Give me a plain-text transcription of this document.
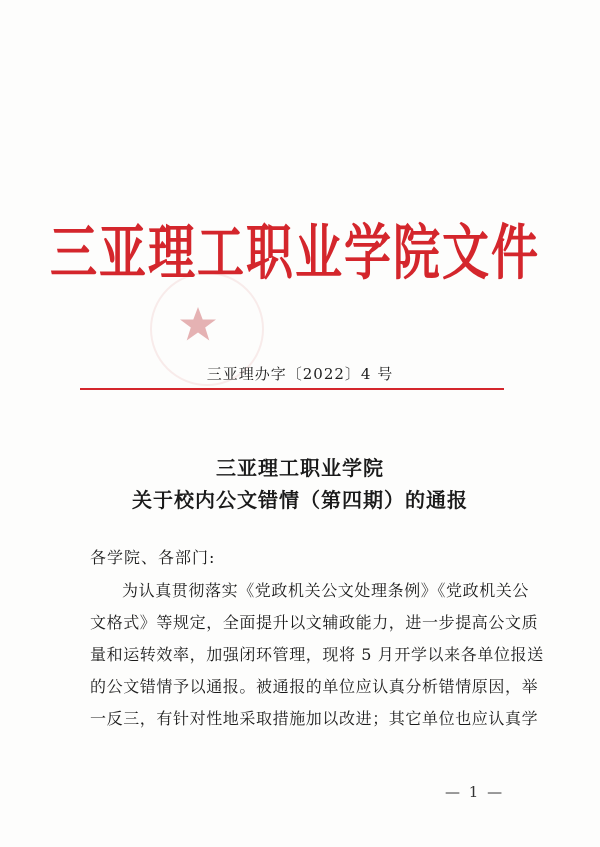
三亚理工职业学院文件
三亚理办字〔2022〕4 号
三亚理工职业学院
关于校内公文错情（第四期）的通报
各学院、各部门:
为认真贯彻落实《党政机关公文处理条例》《党政机关公
文格式》等规定，全面提升以文辅政能力，进一步提高公文质
量和运转效率，加强闭环管理，现将 5 月开学以来各单位报送
的公文错情予以通报。被通报的单位应认真分析错情原因，举
一反三，有针对性地采取措施加以改进；其它单位也应认真学
— 1 —
